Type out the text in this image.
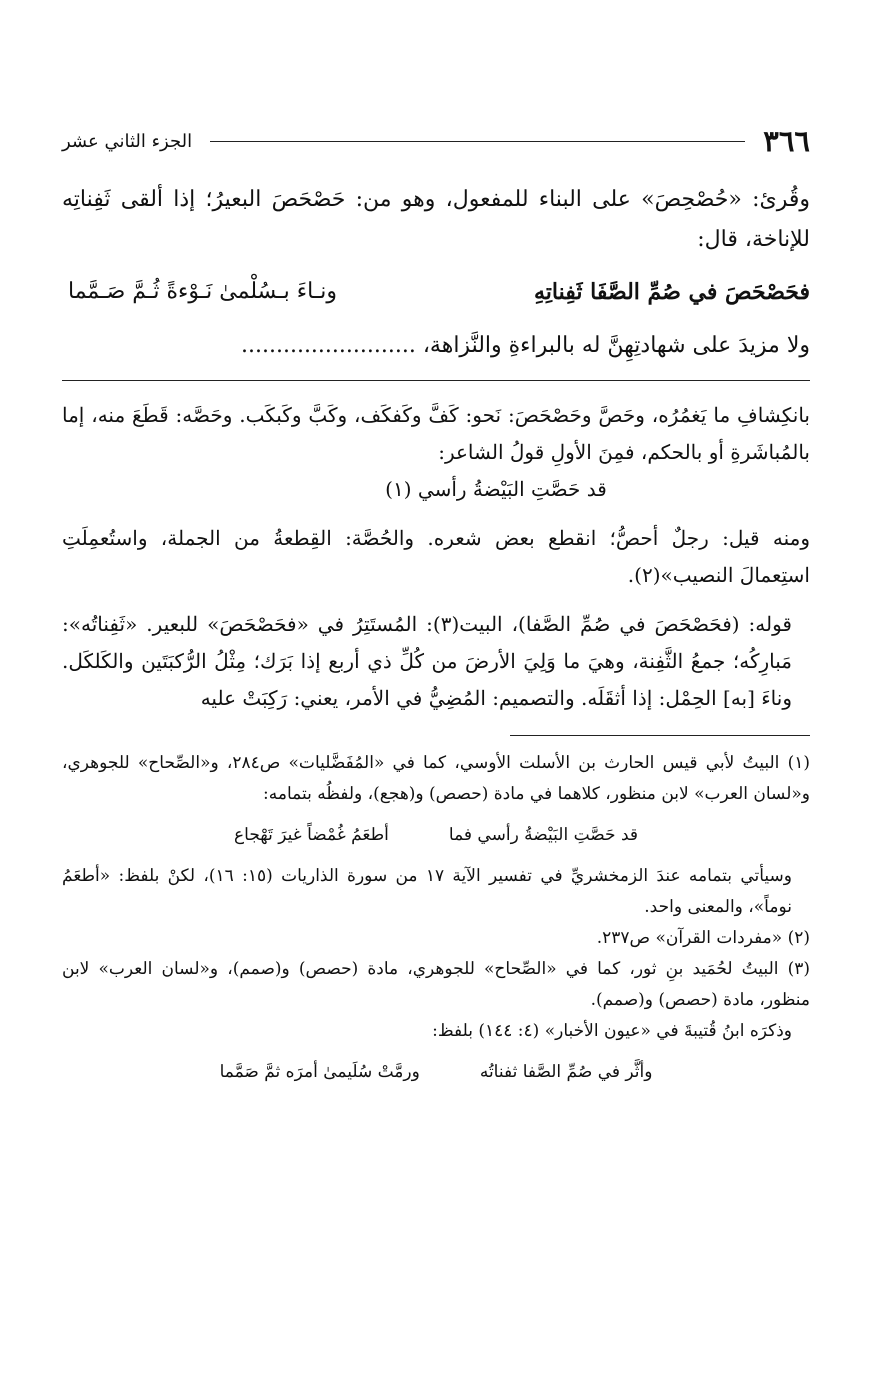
٣٦٦
الجزء الثاني عشر

وقُرئ: «حُصْحِصَ» على البناء للمفعول، وهو من: حَصْحَصَ البعيرُ؛ إذا ألقى ثَفِناتِه للإناخة، قال:

فحَصْحَصَ في صُمِّ الصَّفَا ثَفِناتِهِ
ونـاءَ بـسُلْمىٰ نَـوْءةً ثُـمَّ صَـمَّما

ولا مزيدَ على شهادتِهِنَّ له بالبراءةِ والنَّزاهة، .........................

بانكِشافِ ما يَغمُرُه، وحَصَّ وحَصْحَصَ: نَحو: كَفَّ وكَفكَف، وكَبَّ وكَبكَب. وحَصَّه: قَطَعَ منه، إما بالمُباشَرةِ أو بالحكم، فمِنَ الأولِ قولُ الشاعر:

قد حَصَّتِ البَيْضةُ رأسي (١)

ومنه قيل: رجلٌ أحصُّ؛ انقطع بعض شعره. والحُصَّة: القِطعةُ من الجملة، واستُعمِلَتِ استِعمالَ النصيب»(٢).

قوله: (فحَصْحَصَ في صُمِّ الصَّفا)، البيت(٣): المُستَتِرُ في «فحَصْحَصَ» للبعير. «ثَفِناتُه»: مَبارِكُه؛ جمعُ الثَّفِنة، وهيَ ما وَلِيَ الأرضَ من كُلِّ ذي أربع إذا بَرَك؛ مِثْلُ الرُّكبَتَين والكَلكَل. وناءَ [به] الحِمْل: إذا أثقَلَه. والتصميم: المُضِيُّ في الأمر، يعني: رَكِبَتْ عليه

(١) البيتُ لأبي قيس الحارث بن الأسلت الأوسي، كما في «المُفَضَّليات» ص٢٨٤، و«الصِّحاح» للجوهري، و«لسان العرب» لابن منظور، كلاهما في مادة (حصص) و(هجع)، ولفظُه بتمامه:

قد حَصَّتِ البَيْضةُ رأسي فما
أطعَمُ غُمْضاً غيرَ تَهْجاع

وسيأتي بتمامه عندَ الزمخشريِّ في تفسير الآية ١٧ من سورة الذاريات (١٥: ١٦)، لكنْ بلفظ: «أطعَمُ نوماً»، والمعنى واحد.

(٢) «مفردات القرآن» ص٢٣٧.

(٣) البيتُ لحُمَيد بنِ ثور، كما في «الصِّحاح» للجوهري، مادة (حصص) و(صمم)، و«لسان العرب» لابن منظور، مادة (حصص) و(صمم).

وذكرَه ابنُ قُتيبةَ في «عيون الأخبار» (٤: ١٤٤) بلفظ:

وأثَّر في صُمِّ الصَّفا ثفناتُه
ورمَّتْ سُلَيمىٰ أمرَه ثمَّ صَمَّما
